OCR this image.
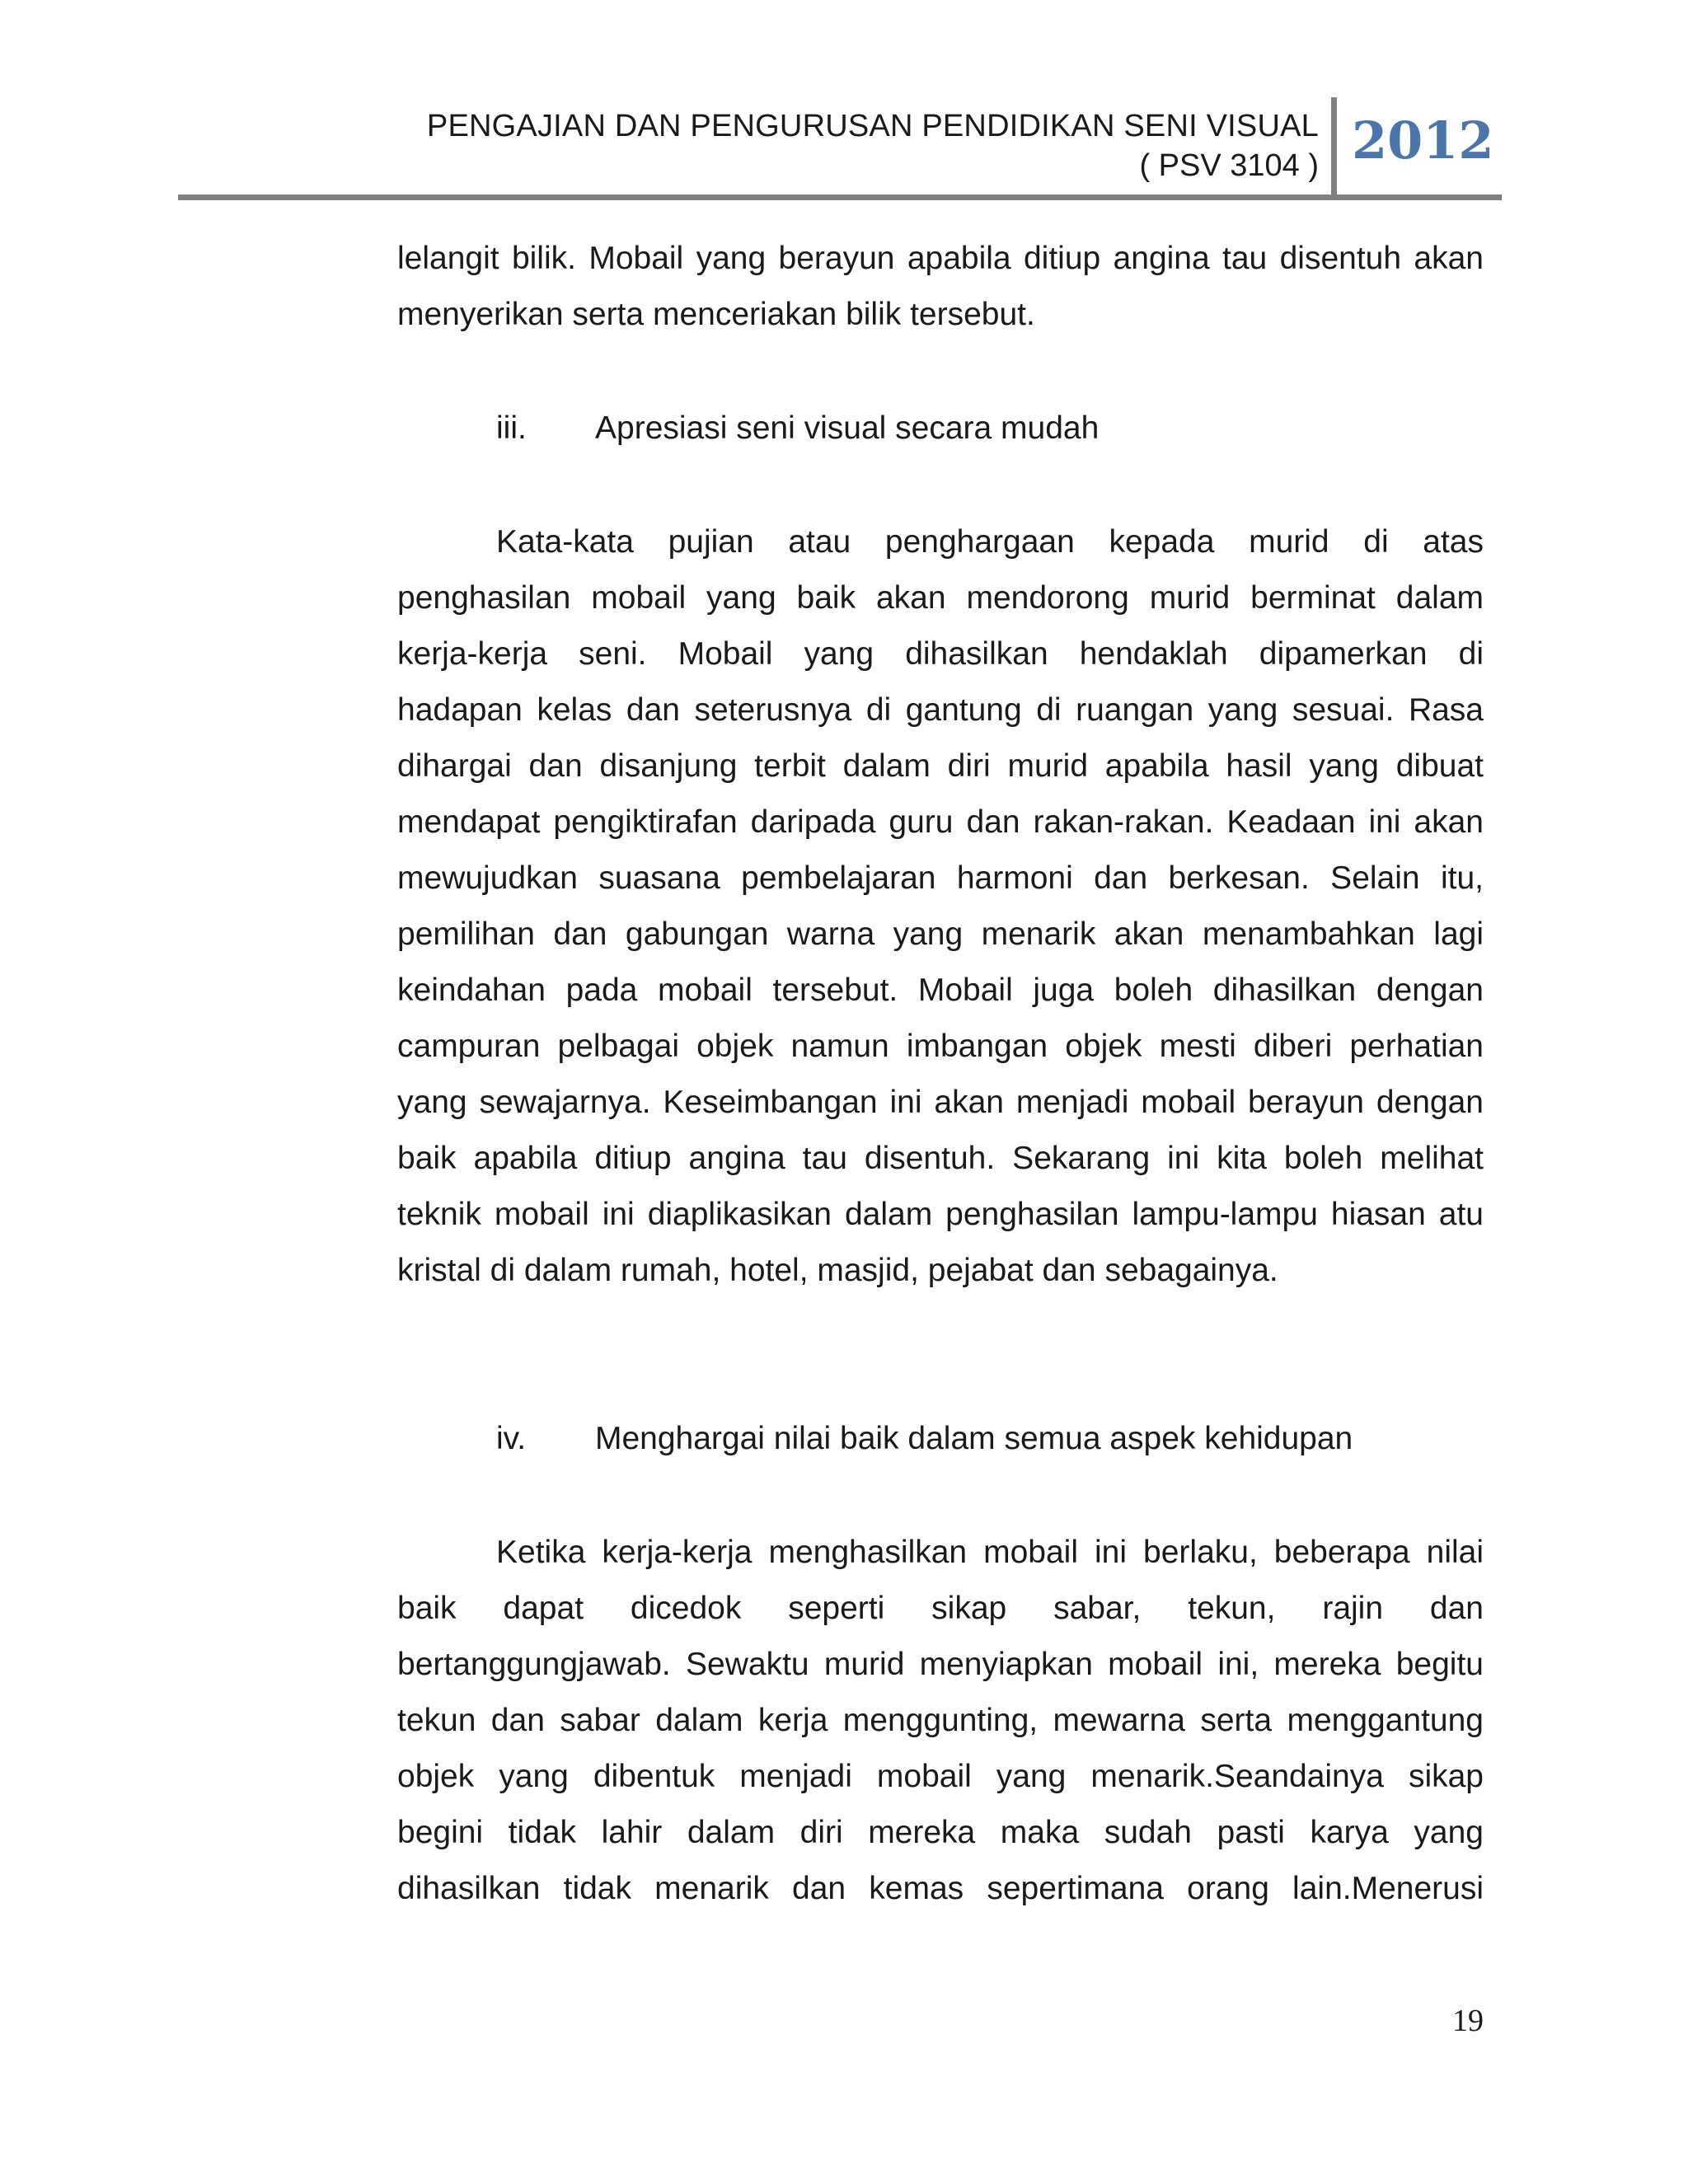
PENGAJIAN DAN PENGURUSAN PENDIDIKAN SENI VISUAL
( PSV 3104 ) 2012
lelangit bilik. Mobail yang berayun apabila ditiup angina tau disentuh akan
menyerikan serta menceriakan bilik tersebut.
iii. Apresiasi seni visual secara mudah
Kata-kata pujian atau penghargaan kepada murid di atas
penghasilan mobail yang baik akan mendorong murid berminat dalam
kerja-kerja seni. Mobail yang dihasilkan hendaklah dipamerkan di
hadapan kelas dan seterusnya di gantung di ruangan yang sesuai. Rasa
dihargai dan disanjung terbit dalam diri murid apabila hasil yang dibuat
mendapat pengiktirafan daripada guru dan rakan-rakan. Keadaan ini akan
mewujudkan suasana pembelajaran harmoni dan berkesan. Selain itu,
pemilihan dan gabungan warna yang menarik akan menambahkan lagi
keindahan pada mobail tersebut. Mobail juga boleh dihasilkan dengan
campuran pelbagai objek namun imbangan objek mesti diberi perhatian
yang sewajarnya. Keseimbangan ini akan menjadi mobail berayun dengan
baik apabila ditiup angina tau disentuh. Sekarang ini kita boleh melihat
teknik mobail ini diaplikasikan dalam penghasilan lampu-lampu hiasan atu
kristal di dalam rumah, hotel, masjid, pejabat dan sebagainya.
iv. Menghargai nilai baik dalam semua aspek kehidupan
Ketika kerja-kerja menghasilkan mobail ini berlaku, beberapa nilai
baik dapat dicedok seperti sikap sabar, tekun, rajin dan
bertanggungjawab. Sewaktu murid menyiapkan mobail ini, mereka begitu
tekun dan sabar dalam kerja menggunting, mewarna serta menggantung
objek yang dibentuk menjadi mobail yang menarik.Seandainya sikap
begini tidak lahir dalam diri mereka maka sudah pasti karya yang
dihasilkan tidak menarik dan kemas sepertimana orang lain.Menerusi
19
